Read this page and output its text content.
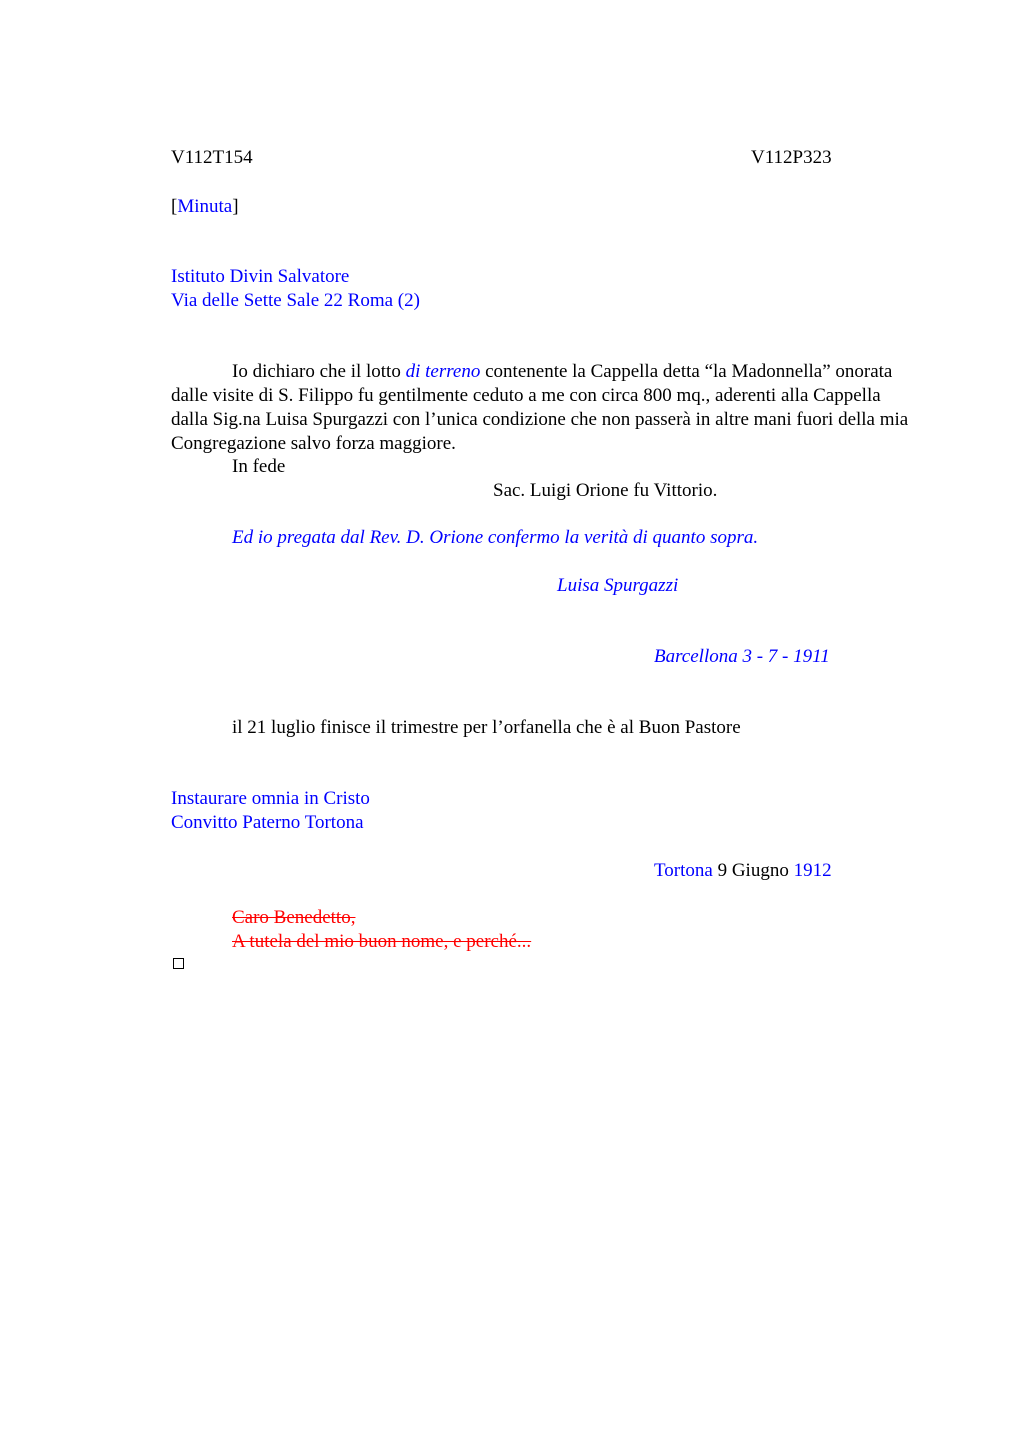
V112T154	V112P323
[Minuta]
Istituto Divin Salvatore
Via delle Sette Sale 22 Roma (2)
Io dichiaro che il lotto di terreno contenente la Cappella detta “la Madonnella” onorata dalle visite di S. Filippo fu gentilmente ceduto a me con circa 800 mq., aderenti alla Cappella dalla Sig.na Luisa Spurgazzi con l’unica condizione che non passerà in altre mani fuori della mia Congregazione salvo forza maggiore.
In fede
Sac. Luigi Orione fu Vittorio.
Ed io pregata dal Rev. D. Orione confermo la verità di quanto sopra.
Luisa Spurgazzi
Barcellona 3 - 7 - 1911
il 21 luglio finisce il trimestre per l’orfanella che è al Buon Pastore
Instaurare omnia in Cristo
Convitto Paterno Tortona
Tortona 9 Giugno 1912
Caro Benedetto,
A tutela del mio buon nome, e perché...
